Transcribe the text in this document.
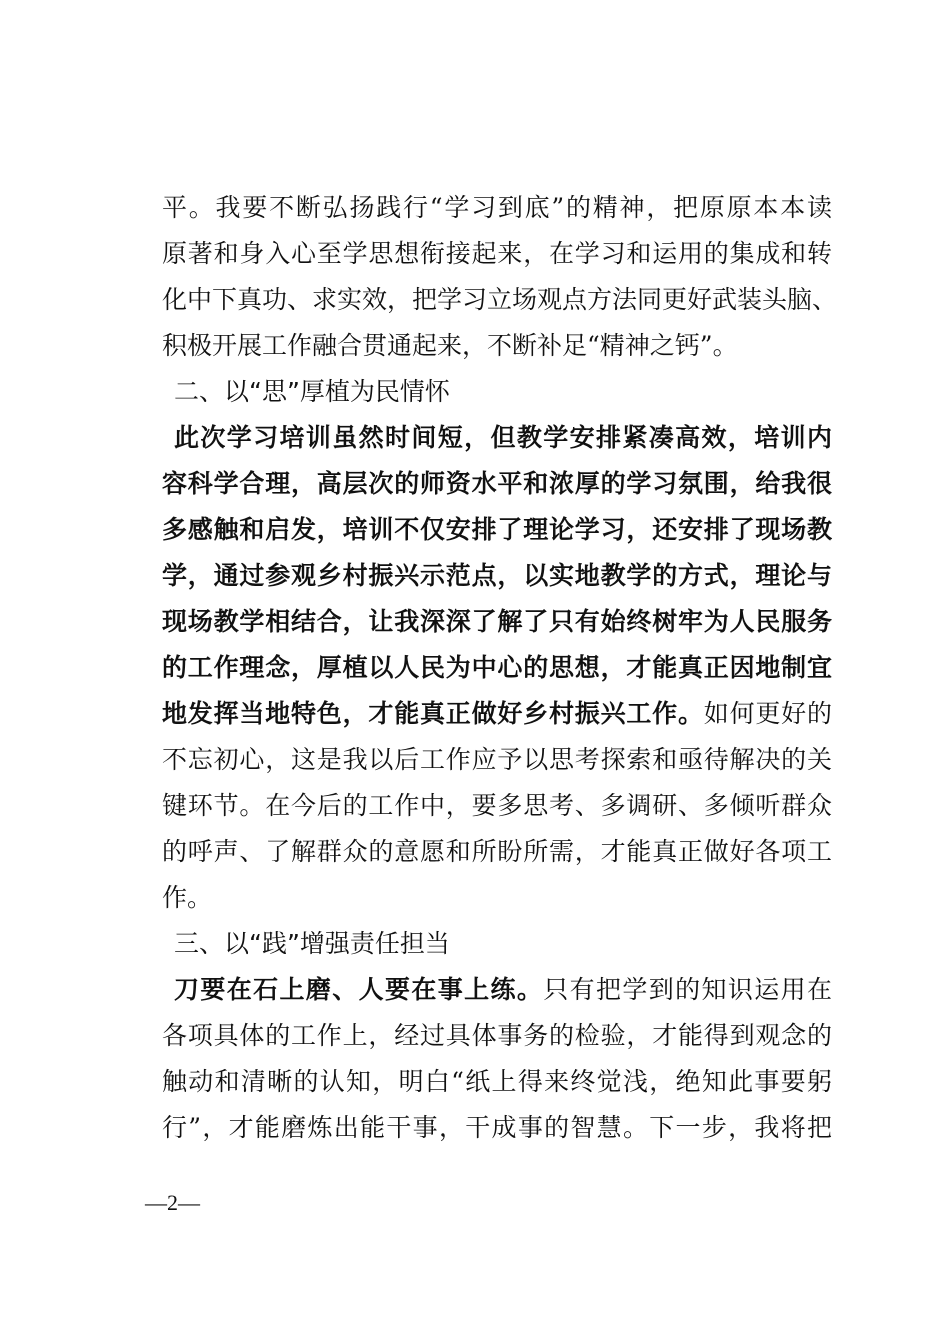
平。我要不断弘扬践行“学习到底”的精神，把原原本本读
原著和身入心至学思想衔接起来，在学习和运用的集成和转
化中下真功、求实效，把学习立场观点方法同更好武装头脑、
积极开展工作融合贯通起来，不断补足“精神之钙”。
二、以“思”厚植为民情怀
此次学习培训虽然时间短，但教学安排紧凑高效，培训内
容科学合理，高层次的师资水平和浓厚的学习氛围，给我很
多感触和启发，培训不仅安排了理论学习，还安排了现场教
学，通过参观乡村振兴示范点，以实地教学的方式，理论与
现场教学相结合，让我深深了解了只有始终树牢为人民服务
的工作理念，厚植以人民为中心的思想，才能真正因地制宜
地发挥当地特色，才能真正做好乡村振兴工作。如何更好的
不忘初心，这是我以后工作应予以思考探索和亟待解决的关
键环节。在今后的工作中，要多思考、多调研、多倾听群众
的呼声、了解群众的意愿和所盼所需，才能真正做好各项工
作。
三、以“践”增强责任担当
刀要在石上磨、人要在事上练。只有把学到的知识运用在
各项具体的工作上，经过具体事务的检验，才能得到观念的
触动和清晰的认知，明白“纸上得来终觉浅，绝知此事要躬
行”，才能磨炼出能干事，干成事的智慧。下一步，我将把
—2—
